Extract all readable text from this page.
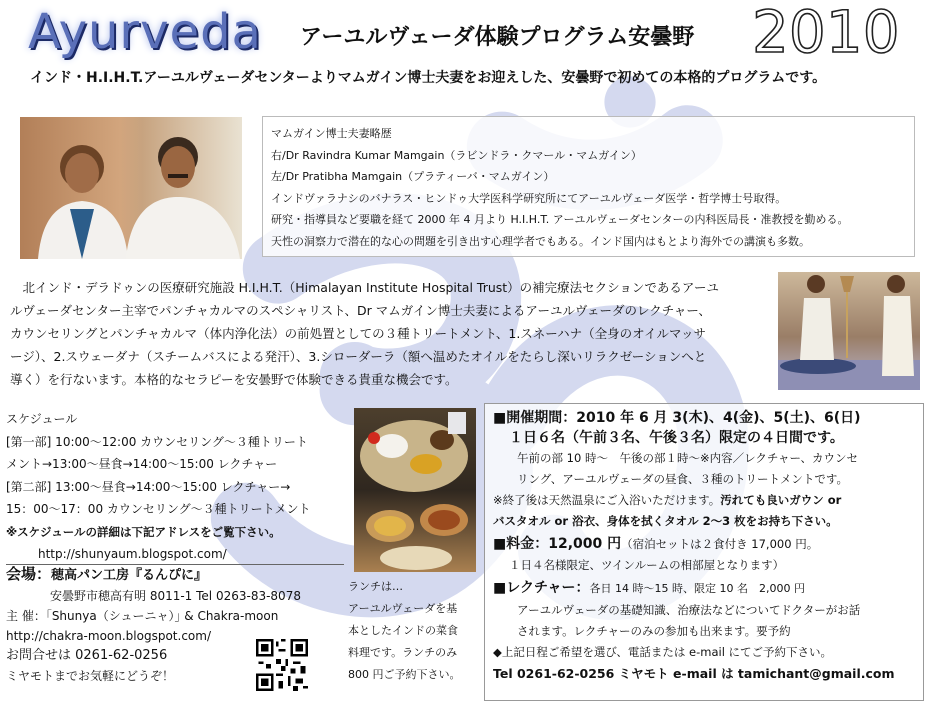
Ayurveda アーユルヴェーダ体験プログラム安曇野 2010
インド・H.I.H.T.アーユルヴェーダセンターよりマムガイン博士夫妻をお迎えした、安曇野で初めての本格的プログラムです。
マムガイン博士夫妻略歴
右/Dr Ravindra Kumar Mamgain（ラビンドラ・クマール・マムガイン）
左/Dr Pratibha Mamgain（プラティーバ・マムガイン）
インドヴァラナシのバナラス・ヒンドゥ大学医科学研究所にてアーユルヴェーダ医学・哲学博士号取得。
研究・指導員など要職を経て 2000 年 4 月より H.I.H.T. アーユルヴェーダセンターの内科医局長・准教授を勤める。
天性の洞察力で潜在的な心の問題を引き出す心理学者でもある。インド国内はもとより海外での講演も多数。
　北インド・デラドゥンの医療研究施設 H.I.H.T.（Himalayan Institute Hospital Trust）の補完療法セクションであるアーユ
ルヴェーダセンター主宰でパンチャカルマのスペシャリスト、Dr マムガイン博士夫妻によるアーユルヴェーダのレクチャー、
カウンセリングとパンチャカルマ（体内浄化法）の前処置としての３種トリートメント、1.スネーハナ（全身のオイルマッサ
ージ）、2.スウェーダナ（スチームバスによる発汗）、3.シローダーラ（額へ温めたオイルをたらし深いリラクゼーションへと
導く）を行ないます。本格的なセラピーを安曇野で体験できる貴重な機会です。
スケジュール
[第一部] 10:00〜12:00 カウンセリング〜３種トリート
メント→13:00〜昼食→14:00〜15:00 レクチャー
[第二部] 13:00〜昼食→14:00〜15:00 レクチャー→
15：00〜17：00 カウンセリング〜３種トリートメント
※スケジュールの詳細は下記アドレスをご覧下さい。
http://shunyaum.blogspot.com/
会場：穂高パン工房『るんぴに』
安曇野市穂高有明 8011-1 Tel 0263-83-8078
主 催：｢Shunya（シューニャ）｣ & Chakra-moon
http://chakra-moon.blogspot.com/
お問合せは 0261-62-0256
ミヤモトまでお気軽にどうぞ！
ランチは…
アーユルヴェーダを基
本としたインドの菜食
料理です。ランチのみ
800 円ご予約下さい。
■開催期間：2010 年 6 月 3(木)、4(金)、5(土)、6(日)
１日６名（午前３名、午後３名）限定の４日間です。
午前の部 10 時〜　午後の部１時〜※内容／レクチャー、カウンセ
リング、アーユルヴェーダの昼食、３種のトリートメントです。
※終了後は天然温泉にご入浴いただけます。汚れても良いガウン or
バスタオル or 浴衣、身体を拭くタオル 2〜3 枚をお持ち下さい。
■料金：12,000 円（宿泊セットは２食付き 17,000 円。
１日４名様限定、ツインルームの相部屋となります）
■レクチャー：各日 14 時〜15 時、限定 10 名　2,000 円
アーユルヴェーダの基礎知識、治療法などについてドクターがお話
されます。レクチャーのみの参加も出来ます。要予約
◆上記日程ご希望を選び、電話または e-mail にてご予約下さい。
Tel 0261-62-0256 ミヤモト e-mail は tamichant@gmail.com
